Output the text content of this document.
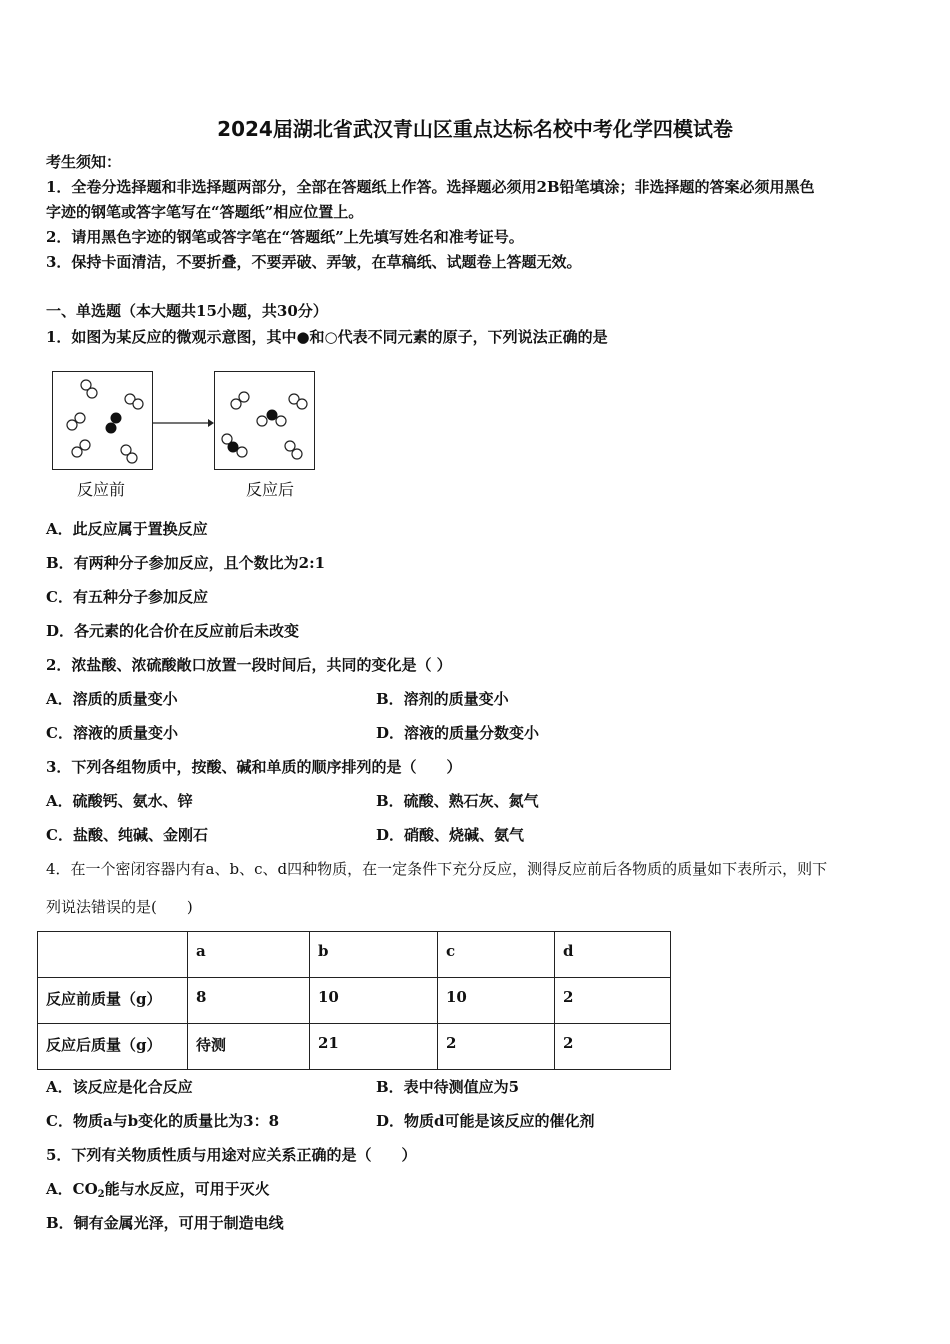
2024届湖北省武汉青山区重点达标名校中考化学四模试卷
考生须知：
1．全卷分选择题和非选择题两部分，全部在答题纸上作答。选择题必须用2B铅笔填涂；非选择题的答案必须用黑色
字迹的钢笔或答字笔写在“答题纸”相应位置上。
2．请用黑色字迹的钢笔或答字笔在“答题纸”上先填写姓名和准考证号。
3．保持卡面清洁，不要折叠，不要弄破、弄皱，在草稿纸、试题卷上答题无效。
一、单选题（本大题共15小题，共30分）
1．如图为某反应的微观示意图，其中●和○代表不同元素的原子，下列说法正确的是
反应前	反应后
A．此反应属于置换反应
B．有两种分子参加反应，且个数比为2:1
C．有五种分子参加反应
D．各元素的化合价在反应前后未改变
2．浓盐酸、浓硫酸敞口放置一段时间后，共同的变化是（ ）
A．溶质的质量变小	B．溶剂的质量变小
C．溶液的质量变小	D．溶液的质量分数变小
3．下列各组物质中，按酸、碱和单质的顺序排列的是（　　）
A．硫酸钙、氨水、锌	B．硫酸、熟石灰、氮气
C．盐酸、纯碱、金刚石	D．硝酸、烧碱、氨气
4．在一个密闭容器内有a、b、c、d四种物质，在一定条件下充分反应，测得反应前后各物质的质量如下表所示，则下
列说法错误的是(　　)
	a	b	c	d
反应前质量（g）	8	10	10	2
反应后质量（g）	待测	21	2	2
A．该反应是化合反应	B．表中待测值应为5
C．物质a与b变化的质量比为3：8	D．物质d可能是该反应的催化剂
5．下列有关物质性质与用途对应关系正确的是（　　）
A．$CO_2$能与水反应，可用于灭火
B．铜有金属光泽，可用于制造电线
